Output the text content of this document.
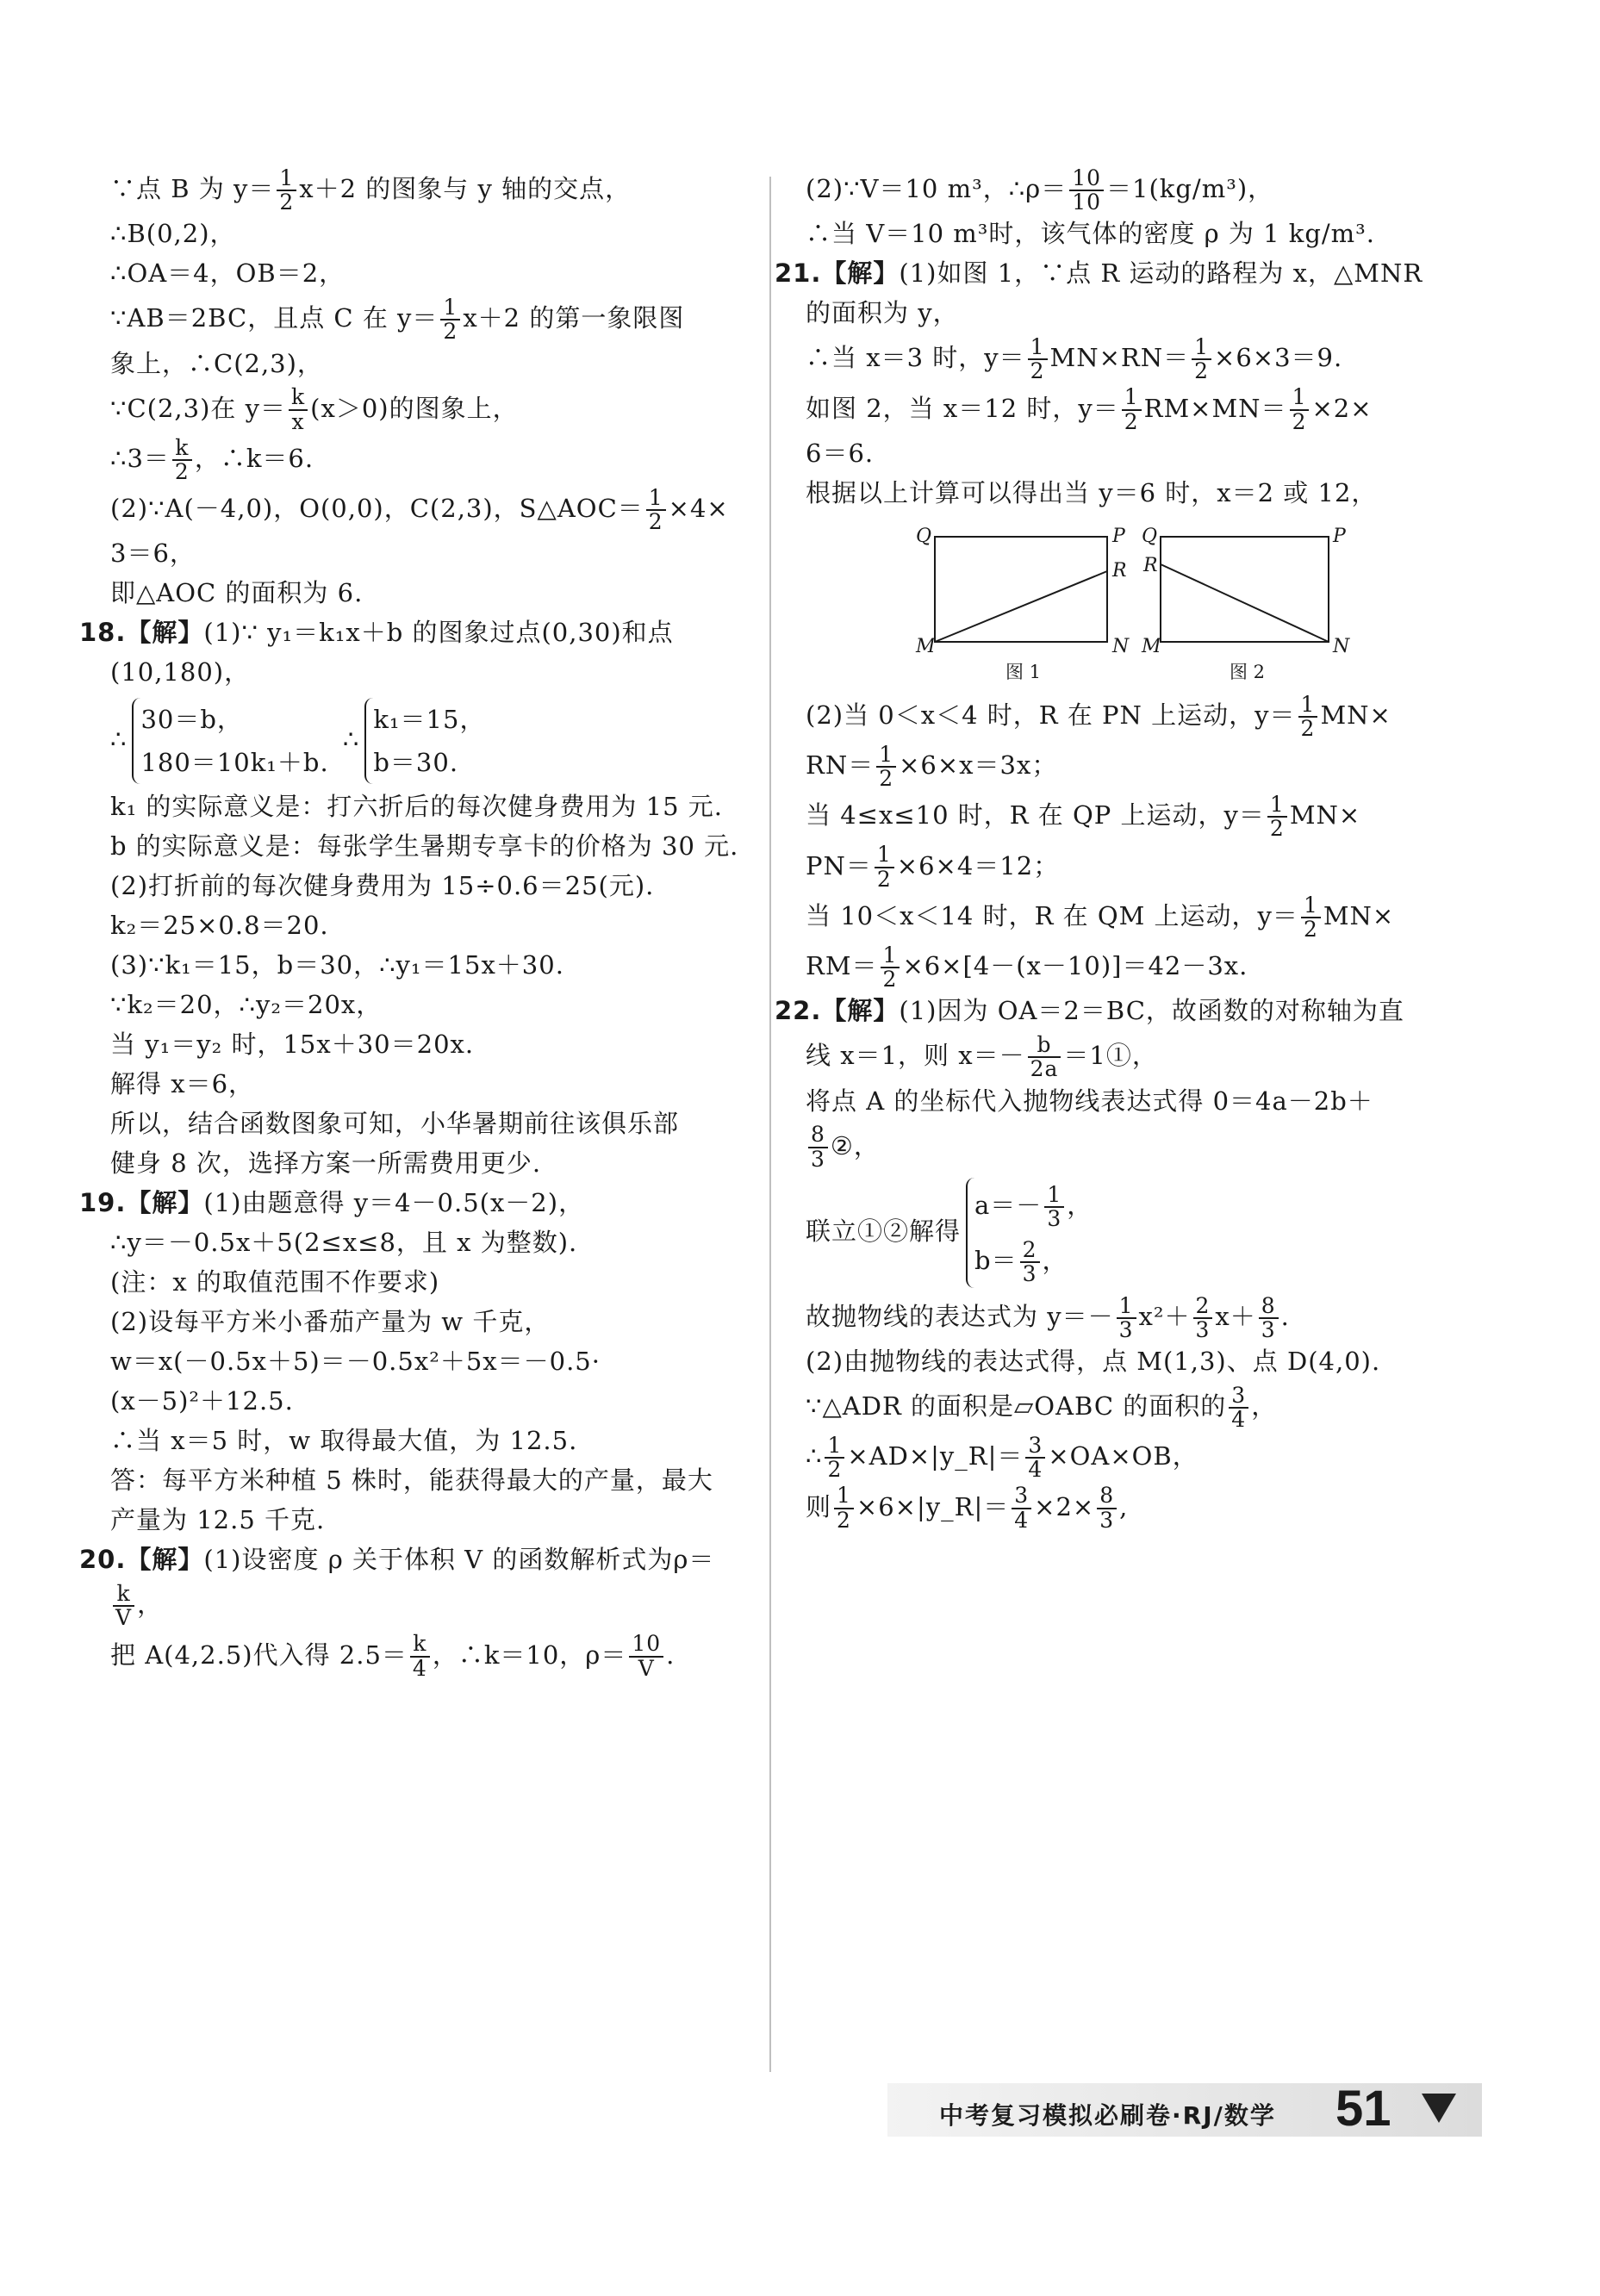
∵点 B 为 $y= \frac{1}{2} x+2$ 的图象与 y 轴的交点，
∴B(0,2)，
∴OA＝4，OB＝2，
∵AB＝2BC，且点 C 在 $y= \frac{1}{2} x+2$ 的第一象限图
象上，∴C(2,3)，
∵C(2,3)在 $y= \frac{k}{x} (x>0)$的图象上，
∴3＝ $\frac{k}{2}$ ，∴k＝6.
(2)∵A(－4,0)，O(0,0)，C(2,3)，S△AOC＝ $\frac{1}{2} \times 4\times$
3＝6，
即△AOC 的面积为 6.
18.【解】(1)∵ y₁＝k₁x＋b 的图象过点(0,30)和点
(10,180)，
∴
30＝b，
180＝10k₁＋b.
∴
k₁＝15，
b＝30.
k₁ 的实际意义是：打六折后的每次健身费用为 15 元.
b 的实际意义是：每张学生暑期专享卡的价格为 30 元.
(2)打折前的每次健身费用为 15÷0.6＝25(元).
k₂＝25×0.8＝20.
(3)∵k₁＝15，b＝30，∴y₁＝15x＋30.
∵k₂＝20，∴y₂＝20x，
当 y₁＝y₂ 时，15x＋30＝20x.
解得 x＝6，
所以，结合函数图象可知，小华暑期前往该俱乐部
健身 8 次，选择方案一所需费用更少.
19.【解】(1)由题意得 y＝4－0.5(x－2)，
∴y＝－0.5x＋5(2≤x≤8，且 x 为整数).
(注：x 的取值范围不作要求)
(2)设每平方米小番茄产量为 w 千克，
w＝x(－0.5x＋5)＝－0.5x²＋5x＝－0.5·
(x－5)²＋12.5.
∴当 x＝5 时，w 取得最大值，为 12.5.
答：每平方米种植 5 株时，能获得最大的产量，最大
产量为 12.5 千克.
20.【解】(1)设密度 ρ 关于体积 V 的函数解析式为ρ＝
$\frac{k}{V}$ ，
把 A(4,2.5)代入得 $2.5= \frac{k}{4}$ ，∴k＝10，$\rho= \frac{10}{V}$ .
(2)∵V＝10 m³，∴ρ＝ $\frac{10}{10} =1(kg/m^3)$，
∴当 V＝10 m³时，该气体的密度 ρ 为 1 kg/m³.
21.【解】(1)如图 1，∵点 R 运动的路程为 x，△MNR
的面积为 y，
∴当 x＝3 时，$y= \frac{1}{2} MN\times RN= \frac{1}{2} \times 6\times 3=9$.
如图 2，当 x＝12 时，$y= \frac{1}{2} RM\times MN= \frac{1}{2} \times 2\times$
6＝6.
根据以上计算可以得出当 y＝6 时，x＝2 或 12，
Q	P
R
M	N
图 1
Q	P
R
M	N
图 2
(2)当 0＜x＜4 时，R 在 PN 上运动，$y= \frac{1}{2} MN\times$
$RN= \frac{1}{2} \times 6\times x=3x$；
当 4≤x≤10 时，R 在 QP 上运动，$y= \frac{1}{2} MN\times$
$PN= \frac{1}{2} \times 6\times 4=12$；
当 10＜x＜14 时，R 在 QM 上运动，$y= \frac{1}{2} MN\times$
$RM= \frac{1}{2} \times 6\times[4-(x-10)]=42-3x$.
22.【解】(1)因为 OA＝2＝BC，故函数的对称轴为直
线 x＝1，则 $x=- \frac{b}{2a}$ ＝1①，
将点 A 的坐标代入抛物线表达式得 0＝4a－2b＋
$\frac{8}{3}$ ②，
联立①②解得
$a=- \frac{1}{3}$ ，
$b= \frac{2}{3}$ ，
故抛物线的表达式为 $y=- \frac{1}{3} x^2+ \frac{2}{3} x+ \frac{8}{3}$ .
(2)由抛物线的表达式得，点 M(1,3)、点 D(4,0).
∵△ADR 的面积是▱OABC 的面积的 $\frac{3}{4}$ ，
∴ $\frac{1}{2}$ ×AD×|y_R|＝ $\frac{3}{4} \times OA\times OB$，
则 $\frac{1}{2}$ ×6×|y_R|＝ $\frac{3}{4} \times 2\times \frac{8}{3}$ ,
中考复习模拟必刷卷·RJ/数学 51
